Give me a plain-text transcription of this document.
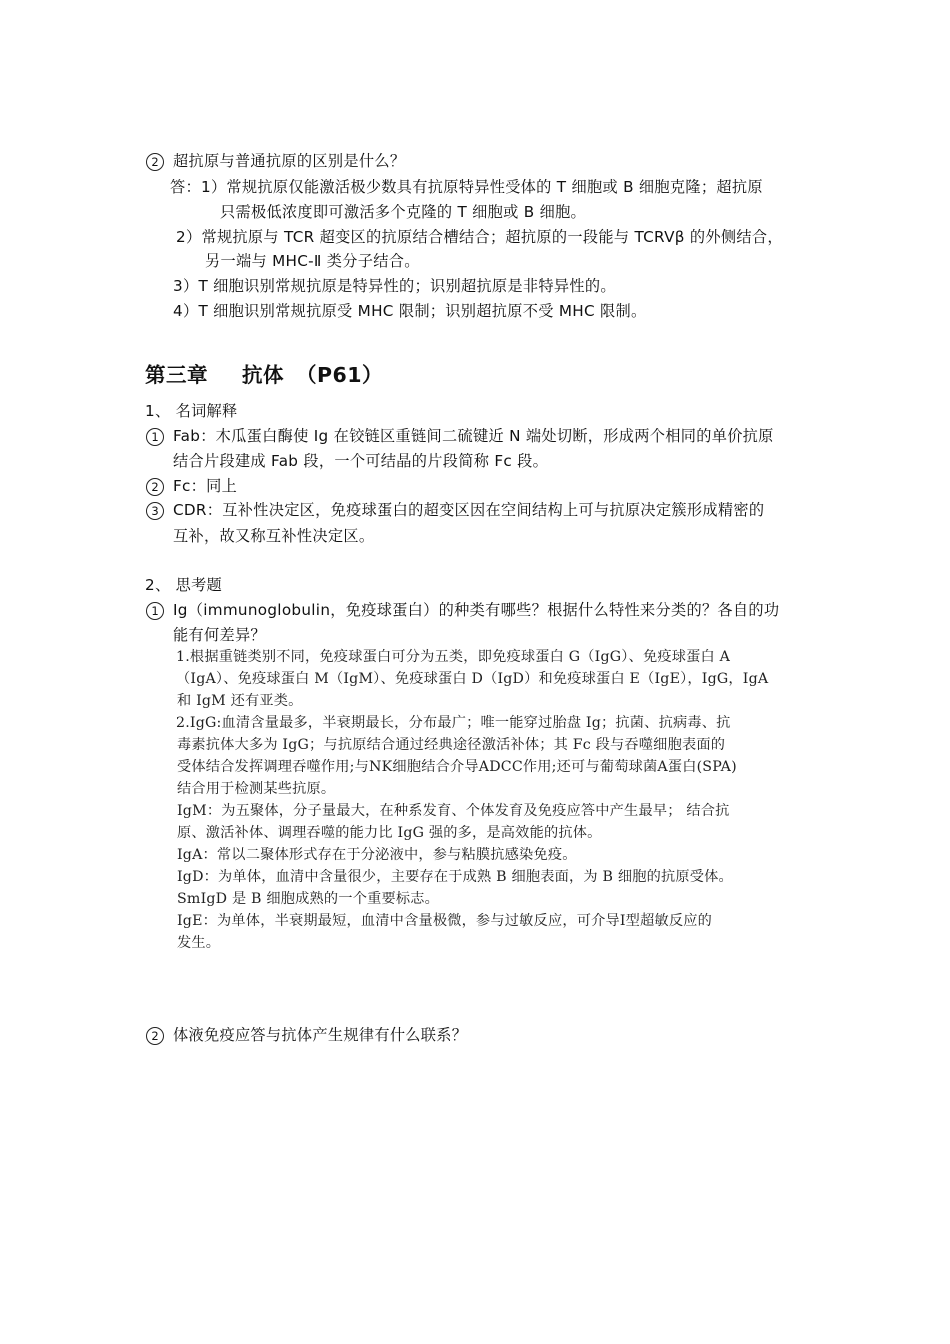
2 超抗原与普通抗原的区别是什么？
答：1）常规抗原仅能激活极少数具有抗原特异性受体的 T 细胞或 B 细胞克隆；超抗原
只需极低浓度即可激活多个克隆的 T 细胞或 B 细胞。
2）常规抗原与 TCR 超变区的抗原结合槽结合；超抗原的一段能与 TCRVβ 的外侧结合，
另一端与 MHC-Ⅱ 类分子结合。
3）T 细胞识别常规抗原是特异性的；识别超抗原是非特异性的。
4）T 细胞识别常规抗原受 MHC 限制；识别超抗原不受 MHC 限制。
第三章 抗体 （P61）
1、 名词解释
1 Fab：木瓜蛋白酶使 Ig 在铰链区重链间二硫键近 N 端处切断，形成两个相同的单价抗原
结合片段建成 Fab 段，一个可结晶的片段简称 Fc 段。
2 Fc：同上
3 CDR：互补性决定区，免疫球蛋白的超变区因在空间结构上可与抗原决定簇形成精密的
互补，故又称互补性决定区。
2、 思考题
1 Ig（immunoglobulin，免疫球蛋白）的种类有哪些？根据什么特性来分类的？各自的功
能有何差异？
1.根据重链类别不同，免疫球蛋白可分为五类，即免疫球蛋白 G（IgG）、免疫球蛋白 A
（IgA）、免疫球蛋白 M（IgM）、免疫球蛋白 D（IgD）和免疫球蛋白 E（IgE），IgG，IgA
和 IgM 还有亚类。
2.IgG:血清含量最多，半衰期最长，分布最广；唯一能穿过胎盘 Ig；抗菌、抗病毒、抗
毒素抗体大多为 IgG；与抗原结合通过经典途径激活补体；其 Fc 段与吞噬细胞表面的
受体结合发挥调理吞噬作用;与NK细胞结合介导ADCC作用;还可与葡萄球菌A蛋白(SPA)
结合用于检测某些抗原。
IgM：为五聚体，分子量最大，在种系发育、个体发育及免疫应答中产生最早； 结合抗
原、激活补体、调理吞噬的能力比 IgG 强的多，是高效能的抗体。
IgA：常以二聚体形式存在于分泌液中，参与粘膜抗感染免疫。
IgD：为单体，血清中含量很少，主要存在于成熟 B 细胞表面，为 B 细胞的抗原受体。
SmIgD 是 B 细胞成熟的一个重要标志。
IgE：为单体，半衰期最短，血清中含量极微，参与过敏反应，可介导Ⅰ型超敏反应的
发生。
2 体液免疫应答与抗体产生规律有什么联系？
